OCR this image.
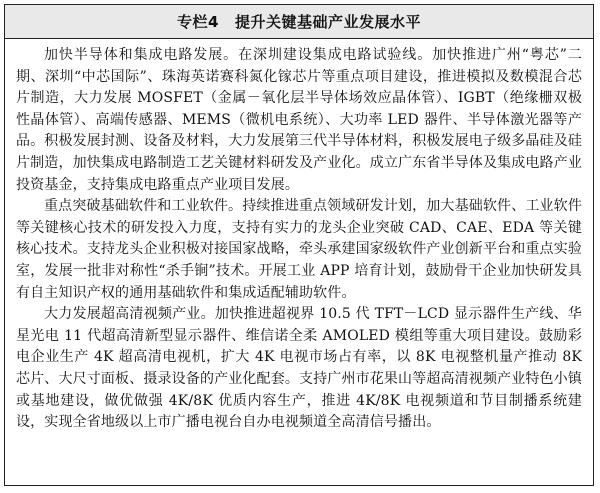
专栏4 提升关键基础产业发展水平

加快半导体和集成电路发展。在深圳建设集成电路试验线。加快推进广州“粤芯”二期、深圳“中芯国际”、珠海英诺赛科氮化镓芯片等重点项目建设，推进模拟及数模混合芯片制造，大力发展 MOSFET（金属－氧化层半导体场效应晶体管）、IGBT（绝缘栅双极性晶体管）、高端传感器、MEMS（微机电系统）、大功率 LED 器件、半导体激光器等产品。积极发展封测、设备及材料，大力发展第三代半导体材料，积极发展电子级多晶硅及硅片制造，加快集成电路制造工艺关键材料研发及产业化。成立广东省半导体及集成电路产业投资基金，支持集成电路重点产业项目发展。

重点突破基础软件和工业软件。持续推进重点领域研发计划，加大基础软件、工业软件等关键核心技术的研发投入力度，支持有实力的龙头企业突破 CAD、CAE、EDA 等关键核心技术。支持龙头企业积极对接国家战略，牵头承建国家级软件产业创新平台和重点实验室，发展一批非对称性“杀手锏”技术。开展工业 APP 培育计划，鼓励骨干企业加快研发具有自主知识产权的通用基础软件和集成适配辅助软件。

大力发展超高清视频产业。加快推进超视界 10.5 代 TFT－LCD 显示器件生产线、华星光电 11 代超高清新型显示器件、维信诺全柔 AMOLED 模组等重大项目建设。鼓励彩电企业生产 4K 超高清电视机，扩大 4K 电视市场占有率，以 8K 电视整机量产推动 8K 芯片、大尺寸面板、摄录设备的产业化配套。支持广州市花果山等超高清视频产业特色小镇或基地建设，做优做强 4K/8K 优质内容生产，推进 4K/8K 电视频道和节目制播系统建设，实现全省地级以上市广播电视台自办电视频道全高清信号播出。
